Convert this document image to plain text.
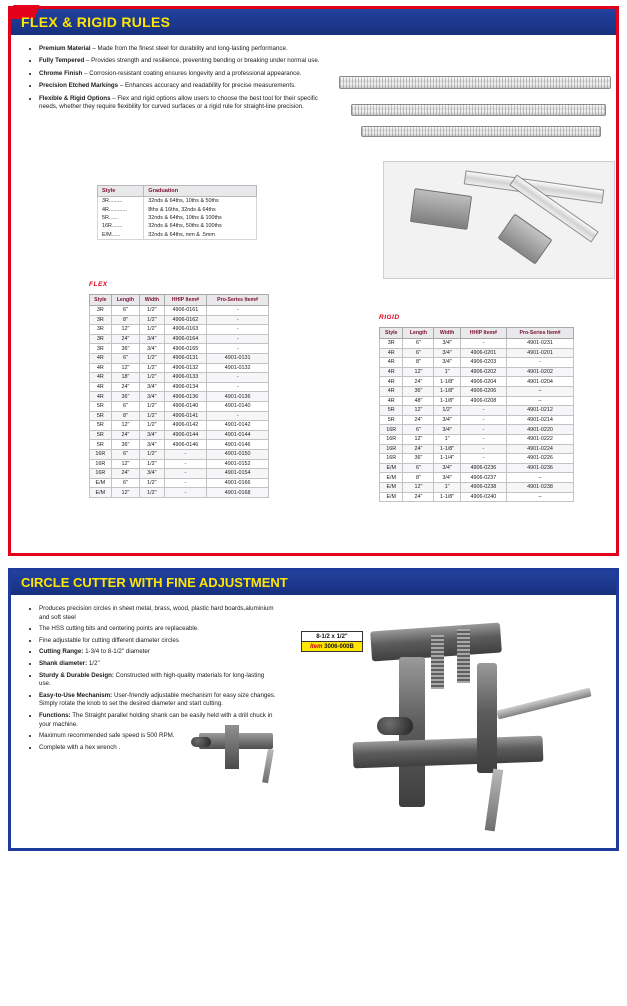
FLEX & RIGID RULES
• Premium Material – Made from the finest steel for durability and long-lasting performance.
• Fully Tempered – Provides strength and resilience, preventing bending or breaking under normal use.
• Chrome Finish – Corrosion-resistant coating ensures longevity and a professional appearance.
• Precision Etched Markings – Enhances accuracy and readability for precise measurements.
• Flexible & Rigid Options – Flex and rigid options allow users to choose the best tool for their specific needs, whether they require flexibility for curved surfaces or a rigid rule for straight-line precision.
Style	Graduation
3R.........	32nds & 64ths, 10ths & 50ths
4R............	8ths & 16ths, 32nds & 64ths
5R......	32nds & 64ths, 10ths & 100ths
16R.......	32nds & 64ths, 50ths & 100ths
E/M......	32nds & 64ths, mm & .5mm
FLEX
Style	Length	Width	HHIP Item#	Pro-Series Item#
3R	6"	1/2"	4906-0161	-
3R	8"	1/2"	4906-0162	-
3R	12"	1/2"	4906-0163	-
3R	24"	3/4"	4906-0164	-
3R	36"	3/4"	4906-0165	-
4R	6"	1/2"	4906-0131	4901-0131
4R	12"	1/2"	4906-0132	4901-0132
4R	18"	1/2"	4906-0133	-
4R	24"	3/4"	4906-0134	-
4R	36"	3/4"	4906-0136	4901-0136
5R	6"	1/2"	4906-0140	4901-0140
5R	8"	1/2"	4906-0141	-
5R	12"	1/2"	4906-0142	4901-0142
5R	24"	3/4"	4906-0144	4901-0144
5R	36"	3/4"	4906-0146	4901-0146
16R	6"	1/2"	-	4901-0150
16R	12"	1/2"	-	4901-0152
16R	24"	3/4"	-	4901-0154
E/M	6"	1/2"	-	4901-0166
E/M	12"	1/2"	-	4901-0168
RIGID
Style	Length	Width	HHIP Item#	Pro-Series Item#
3R	6"	3/4"	-	4901-0231
4R	6"	3/4"	4906-0201	4901-0201
4R	8"	3/4"	4906-0203	-
4R	12"	1"	4906-0202	4901-0202
4R	24"	1-1/8"	4906-0204	4901-0204
4R	36"	1-1/8"	4906-0206	–
4R	48"	1-1/8"	4906-0208	–
5R	12"	1/2"	-	4901-0212
5R	24"	3/4"	-	4901-0214
16R	6"	3/4"	-	4901-0220
16R	12"	1"	-	4901-0222
16R	24"	1-1/8"	-	4901-0224
16R	36"	1-1/4"	-	4901-0226
E/M	6"	3/4"	4906-0236	4901-0236
E/M	8"	3/4"	4906-0237	–
E/M	12"	1"	4906-0238	4901-0238
E/M	24"	1-1/8"	4906-0240	–
CIRCLE CUTTER WITH FINE ADJUSTMENT
• Produces precision circles in sheet metal, brass, wood, plastic hard boards,aluminium and soft steel
• The HSS cutting bits and centering points are replaceable.
• Fine adjustable for cutting different diameter circles
• Cutting Range: 1-3/4 to 8-1/2" diameter
• Shank diameter: 1/2"
• Sturdy & Durable Design: Constructed with high-quality materials for long-lasting use.
• Easy-to-Use Mechanism: User-friendly adjustable mechanism for easy size changes. Simply rotate the knob to set the desired diameter and start cutting.
• Functions: The Straight parallel holding shank can be easily held with a drill chuck in your machine.
• Maximum recommended safe speed is 500 RPM.
• Complete with a hex wrench .
8-1/2 x 1/2"
Item 3006-000B
